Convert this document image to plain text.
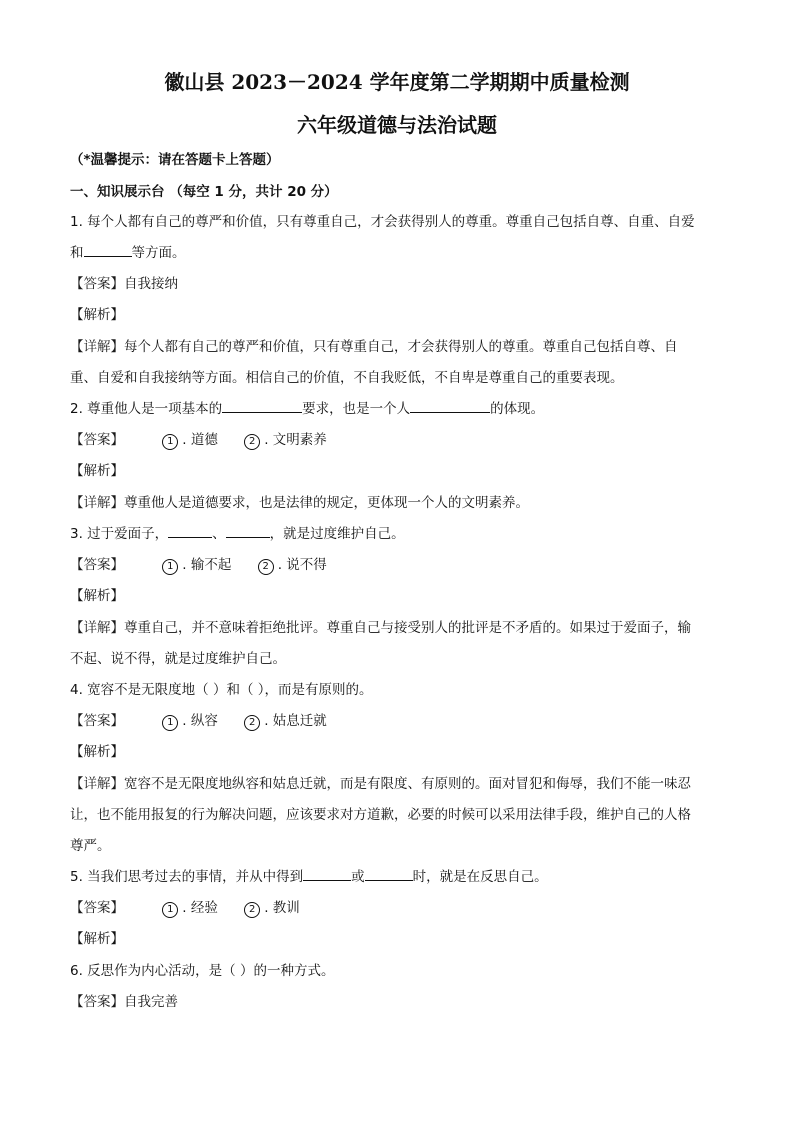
徽山县 2023－2024 学年度第二学期期中质量检测
六年级道德与法治试题
（*温馨提示：请在答题卡上答题）
一、知识展示台 （每空 1 分，共计 20 分）
1. 每个人都有自己的尊严和价值，只有尊重自己，才会获得别人的尊重。尊重自己包括自尊、自重、自爱
和	等方面。
【答案】自我接纳
【解析】
【详解】每个人都有自己的尊严和价值，只有尊重自己，才会获得别人的尊重。尊重自己包括自尊、自
重、自爱和自我接纳等方面。相信自己的价值，不自我贬低，不自卑是尊重自己的重要表现。
2. 尊重他人是一项基本的	要求，也是一个人	的体现。
【答案】	1 . 道德	2 . 文明素养
【解析】
【详解】尊重他人是道德要求，也是法律的规定，更体现一个人的文明素养。
3. 过于爱面子，	、	，就是过度维护自己。
【答案】	1 . 输不起	2 . 说不得
【解析】
【详解】尊重自己，并不意味着拒绝批评。尊重自己与接受别人的批评是不矛盾的。如果过于爱面子，输
不起、说不得，就是过度维护自己。
4. 宽容不是无限度地（ ）和（ ），而是有原则的。
【答案】	1 . 纵容	2 . 姑息迁就
【解析】
【详解】宽容不是无限度地纵容和姑息迁就，而是有限度、有原则的。面对冒犯和侮辱，我们不能一味忍
让，也不能用报复的行为解决问题，应该要求对方道歉，必要的时候可以采用法律手段，维护自己的人格
尊严。
5. 当我们思考过去的事情，并从中得到	或	时，就是在反思自己。
【答案】	1 . 经验	2 . 教训
【解析】
6. 反思作为内心活动，是（ ）的一种方式。
【答案】自我完善
